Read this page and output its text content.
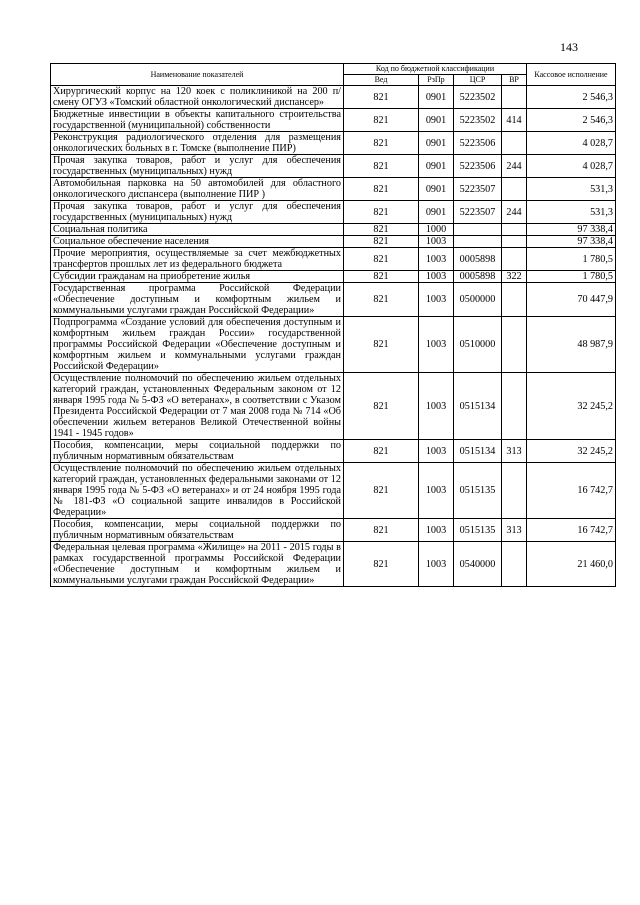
143
Наименование показателей	Код по бюджетной классификации				Кассовое исполнение
	Вед	РзПр	ЦСР	ВР	
Хирургический корпус на 120 коек с поликлиникой на 200 п/смену ОГУЗ «Томский областной онкологический диспансер»	821	0901	5223502		2 546,3
Бюджетные инвестиции в объекты капитального строительства государственной (муниципальной) собственности	821	0901	5223502	414	2 546,3
Реконструкция радиологического отделения для размещения онкологических больных в г. Томске (выполнение ПИР)	821	0901	5223506		4 028,7
Прочая закупка товаров, работ и услуг для обеспечения государственных (муниципальных) нужд	821	0901	5223506	244	4 028,7
Автомобильная парковка на 50 автомобилей для областного онкологического диспансера (выполнение ПИР )	821	0901	5223507		531,3
Прочая закупка товаров, работ и услуг для обеспечения государственных (муниципальных) нужд	821	0901	5223507	244	531,3
Социальная политика	821	1000			97 338,4
Социальное обеспечение населения	821	1003			97 338,4
Прочие мероприятия, осуществляемые за счет межбюджетных трансфертов прошлых лет из федерального бюджета	821	1003	0005898		1 780,5
Субсидии гражданам на приобретение жилья	821	1003	0005898	322	1 780,5
Государственная программа Российской Федерации «Обеспечение доступным и комфортным жильем и коммунальными услугами граждан Российской Федерации»	821	1003	0500000		70 447,9
Подпрограмма «Создание условий для обеспечения доступным и комфортным жильем граждан России» государственной программы Российской Федерации «Обеспечение доступным и комфортным жильем и коммунальными услугами граждан Российской Федерации»	821	1003	0510000		48 987,9
Осуществление полномочий по обеспечению жильем отдельных категорий граждан, установленных Федеральным законом от 12 января 1995 года № 5-ФЗ «О ветеранах», в соответствии с Указом Президента Российской Федерации от 7 мая 2008 года № 714 «Об обеспечении жильем ветеранов Великой Отечественной войны 1941 - 1945 годов»	821	1003	0515134		32 245,2
Пособия, компенсации, меры социальной поддержки по публичным нормативным обязательствам	821	1003	0515134	313	32 245,2
Осуществление полномочий по обеспечению жильем отдельных категорий граждан, установленных федеральными законами от 12 января 1995 года № 5-ФЗ «О ветеранах» и от 24 ноября 1995 года № 181-ФЗ «О социальной защите инвалидов в Российской Федерации»	821	1003	0515135		16 742,7
Пособия, компенсации, меры социальной поддержки по публичным нормативным обязательствам	821	1003	0515135	313	16 742,7
Федеральная целевая программа «Жилище» на 2011 - 2015 годы в рамках государственной программы Российской Федерации «Обеспечение доступным и комфортным жильем и коммунальными услугами граждан Российской Федерации»	821	1003	0540000		21 460,0
